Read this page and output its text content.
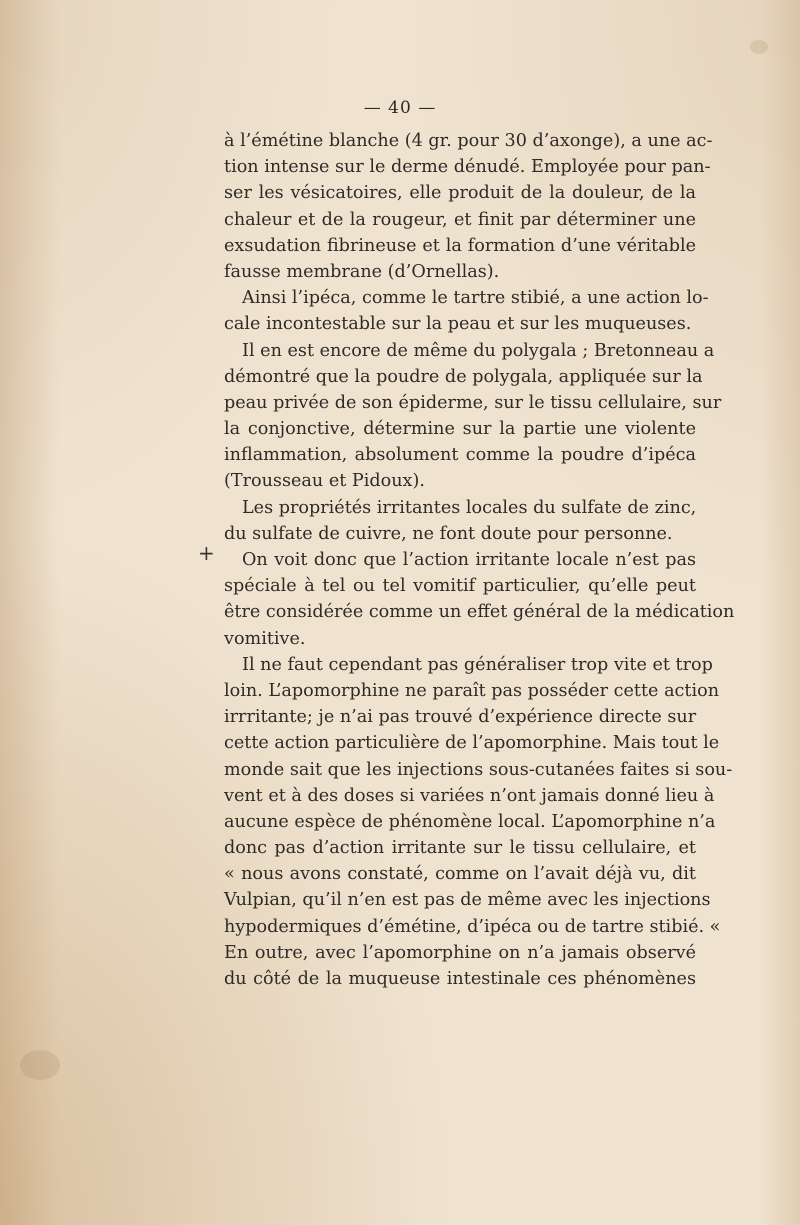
— 40 —
+
à l’émétine blanche (4 gr. pour 30 d’axonge), a une ac-
tion intense sur le derme dénudé. Employée pour pan-
ser les vésicatoires, elle produit de la douleur, de la
chaleur et de la rougeur, et finit par déterminer une
exsudation fibrineuse et la formation d’une véritable
fausse membrane (d’Ornellas).
Ainsi l’ipéca, comme le tartre stibié, a une action lo-
cale incontestable sur la peau et sur les muqueuses.
Il en est encore de même du polygala ; Bretonneau a
démontré que la poudre de polygala, appliquée sur la
peau privée de son épiderme, sur le tissu cellulaire, sur
la conjonctive, détermine sur la partie une violente
inflammation, absolument comme la poudre d’ipéca
(Trousseau et Pidoux).
Les propriétés irritantes locales du sulfate de zinc,
du sulfate de cuivre, ne font doute pour personne.
On voit donc que l’action irritante locale n’est pas
spéciale à tel ou tel vomitif particulier, qu’elle peut
être considérée comme un effet général de la médication
vomitive.
Il ne faut cependant pas généraliser trop vite et trop
loin. L’apomorphine ne paraît pas posséder cette action
irrritante; je n’ai pas trouvé d’expérience directe sur
cette action particulière de l’apomorphine. Mais tout le
monde sait que les injections sous-cutanées faites si sou-
vent et à des doses si variées n’ont jamais donné lieu à
aucune espèce de phénomène local. L’apomorphine n’a
donc pas d’action irritante sur le tissu cellulaire, et
« nous avons constaté, comme on l’avait déjà vu, dit
Vulpian, qu’il n’en est pas de même avec les injections
hypodermiques d’émétine, d’ipéca ou de tartre stibié. «
En outre, avec l’apomorphine on n’a jamais observé
du côté de la muqueuse intestinale ces phénomènes
